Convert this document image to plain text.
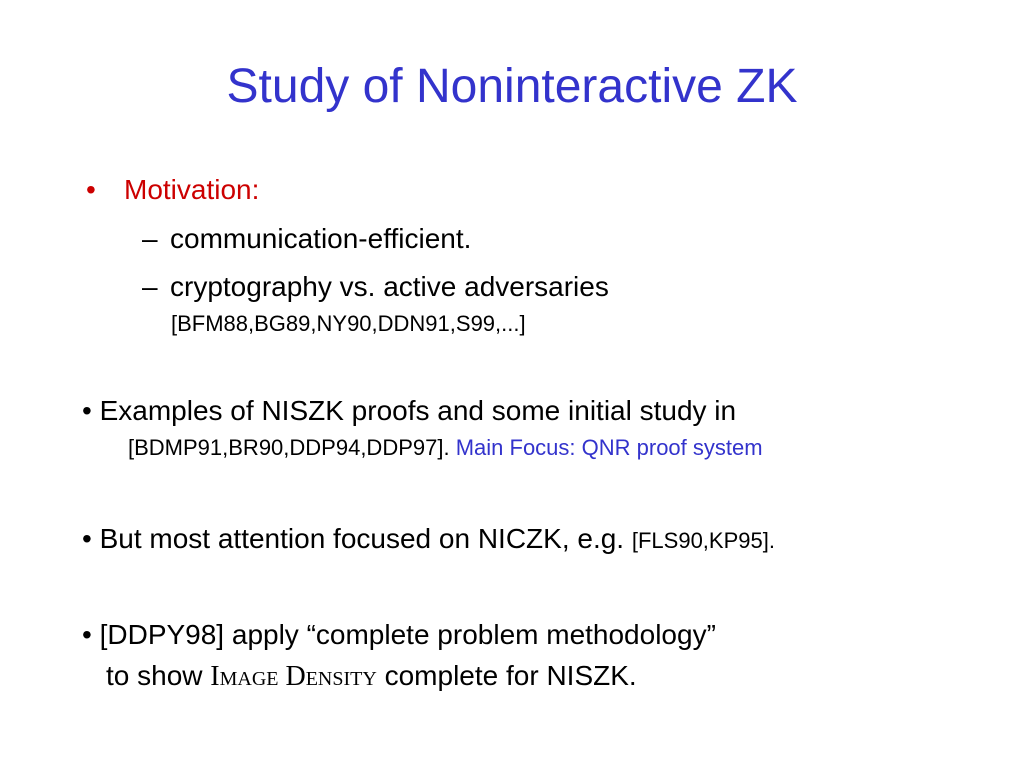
Study of Noninteractive ZK
• Motivation:
– communication-efficient.
– cryptography vs. active adversaries
[BFM88,BG89,NY90,DDN91,S99,...]
• Examples of NISZK proofs and some initial study in
[BDMP91,BR90,DDP94,DDP97]. Main Focus: QNR proof system
• But most attention focused on NICZK, e.g. [FLS90,KP95].
• [DDPY98] apply “complete problem methodology”
to show Image Density complete for NISZK.
